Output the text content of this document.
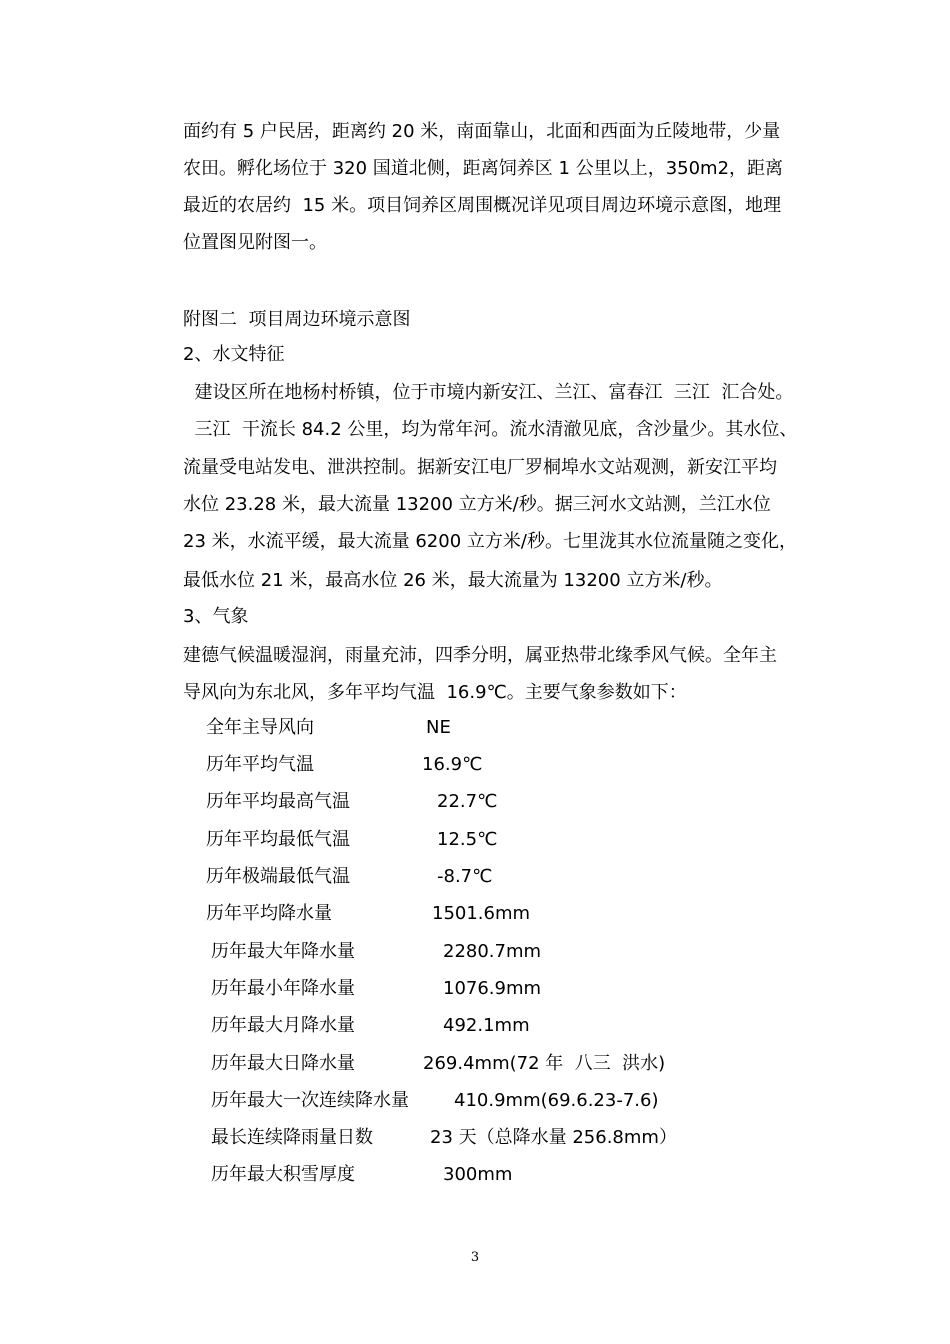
面约有 5 户民居，距离约 20 米，南面靠山，北面和西面为丘陵地带，少量
农田。孵化场位于 320 国道北侧，距离饲养区 1 公里以上，350m2，距离
最近的农居约  15 米。项目饲养区周围概况详见项目周边环境示意图，地理
位置图见附图一。
附图二  项目周边环境示意图
2、水文特征
建设区所在地杨村桥镇，位于市境内新安江、兰江、富春江  三江  汇合处。
三江  干流长 84.2 公里，均为常年河。流水清澈见底，含沙量少。其水位、
流量受电站发电、泄洪控制。据新安江电厂罗桐埠水文站观测，新安江平均
水位 23.28 米，最大流量 13200 立方米/秒。据三河水文站测，兰江水位
23 米，水流平缓，最大流量 6200 立方米/秒。七里泷其水位流量随之变化，
最低水位 21 米，最高水位 26 米，最大流量为 13200 立方米/秒。
3、气象
建德气候温暖湿润，雨量充沛，四季分明，属亚热带北缘季风气候。全年主
导风向为东北风，多年平均气温  16.9℃。主要气象参数如下：
全年主导风向	NE
历年平均气温	16.9℃
历年平均最高气温	22.7℃
历年平均最低气温	12.5℃
历年极端最低气温	-8.7℃
历年平均降水量	1501.6mm
历年最大年降水量	2280.7mm
历年最小年降水量	1076.9mm
历年最大月降水量	492.1mm
历年最大日降水量	269.4mm(72 年  八三  洪水)
历年最大一次连续降水量	410.9mm(69.6.23-7.6)
最长连续降雨量日数	23 天（总降水量 256.8mm）
历年最大积雪厚度	300mm
3
